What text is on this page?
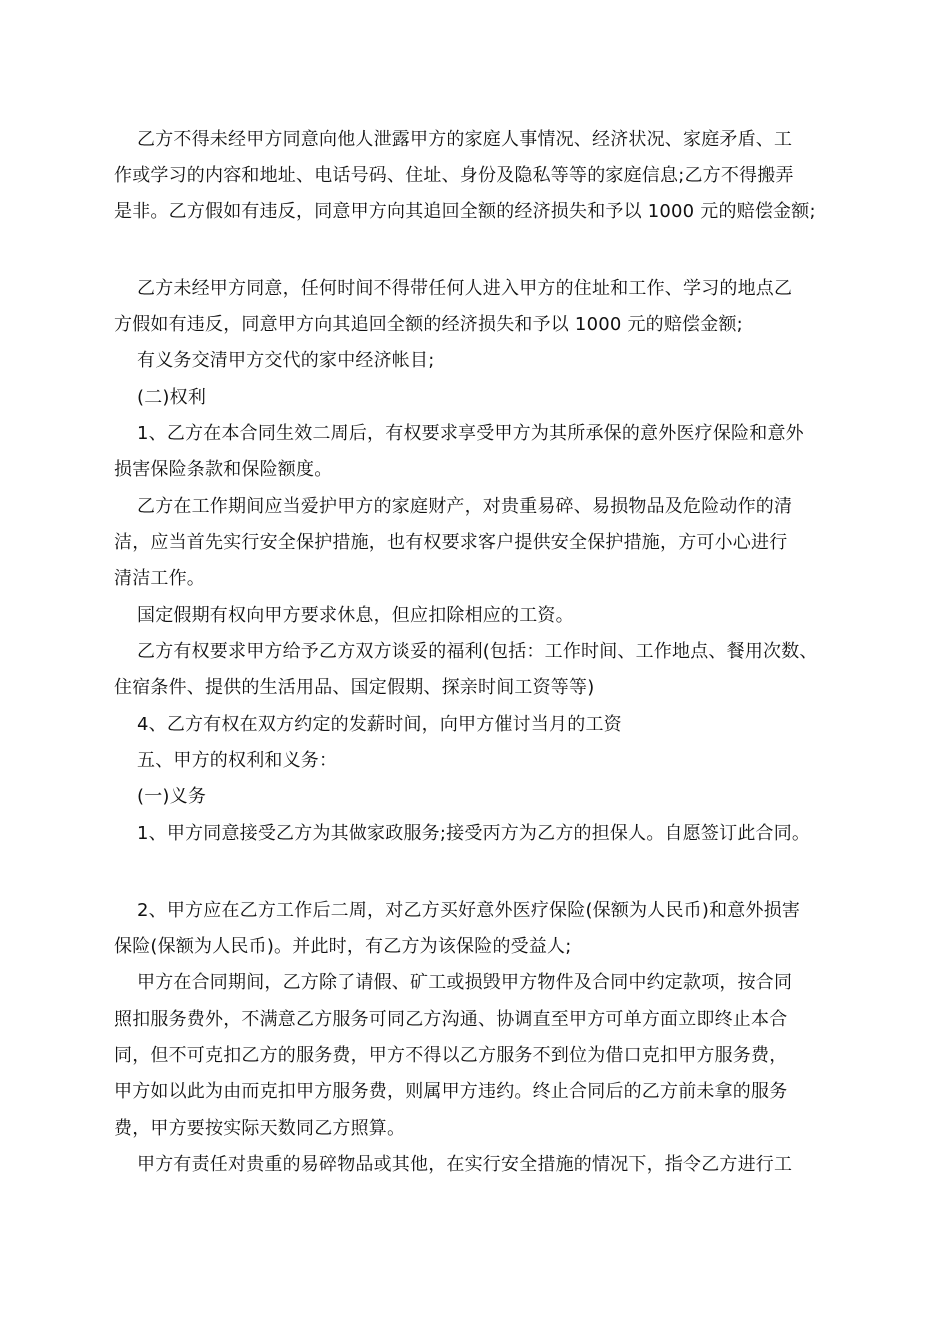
乙方不得未经甲方同意向他人泄露甲方的家庭人事情况、经济状况、家庭矛盾、工
作或学习的内容和地址、电话号码、住址、身份及隐私等等的家庭信息;乙方不得搬弄
是非。乙方假如有违反，同意甲方向其追回全额的经济损失和予以 1000 元的赔偿金额;
乙方未经甲方同意，任何时间不得带任何人进入甲方的住址和工作、学习的地点乙
方假如有违反，同意甲方向其追回全额的经济损失和予以 1000 元的赔偿金额;
有义务交清甲方交代的家中经济帐目;
(二)权利
1、乙方在本合同生效二周后，有权要求享受甲方为其所承保的意外医疗保险和意外
损害保险条款和保险额度。
乙方在工作期间应当爱护甲方的家庭财产，对贵重易碎、易损物品及危险动作的清
洁，应当首先实行安全保护措施，也有权要求客户提供安全保护措施，方可小心进行
清洁工作。
国定假期有权向甲方要求休息，但应扣除相应的工资。
乙方有权要求甲方给予乙方双方谈妥的福利(包括：工作时间、工作地点、餐用次数、
住宿条件、提供的生活用品、国定假期、探亲时间工资等等)
4、乙方有权在双方约定的发薪时间，向甲方催讨当月的工资
五、甲方的权利和义务：
(一)义务
1、甲方同意接受乙方为其做家政服务;接受丙方为乙方的担保人。自愿签订此合同。
2、甲方应在乙方工作后二周，对乙方买好意外医疗保险(保额为人民币)和意外损害
保险(保额为人民币)。并此时，有乙方为该保险的受益人;
甲方在合同期间，乙方除了请假、矿工或损毁甲方物件及合同中约定款项，按合同
照扣服务费外，不满意乙方服务可同乙方沟通、协调直至甲方可单方面立即终止本合
同，但不可克扣乙方的服务费，甲方不得以乙方服务不到位为借口克扣甲方服务费，
甲方如以此为由而克扣甲方服务费，则属甲方违约。终止合同后的乙方前未拿的服务
费，甲方要按实际天数同乙方照算。
甲方有责任对贵重的易碎物品或其他，在实行安全措施的情况下，指令乙方进行工
